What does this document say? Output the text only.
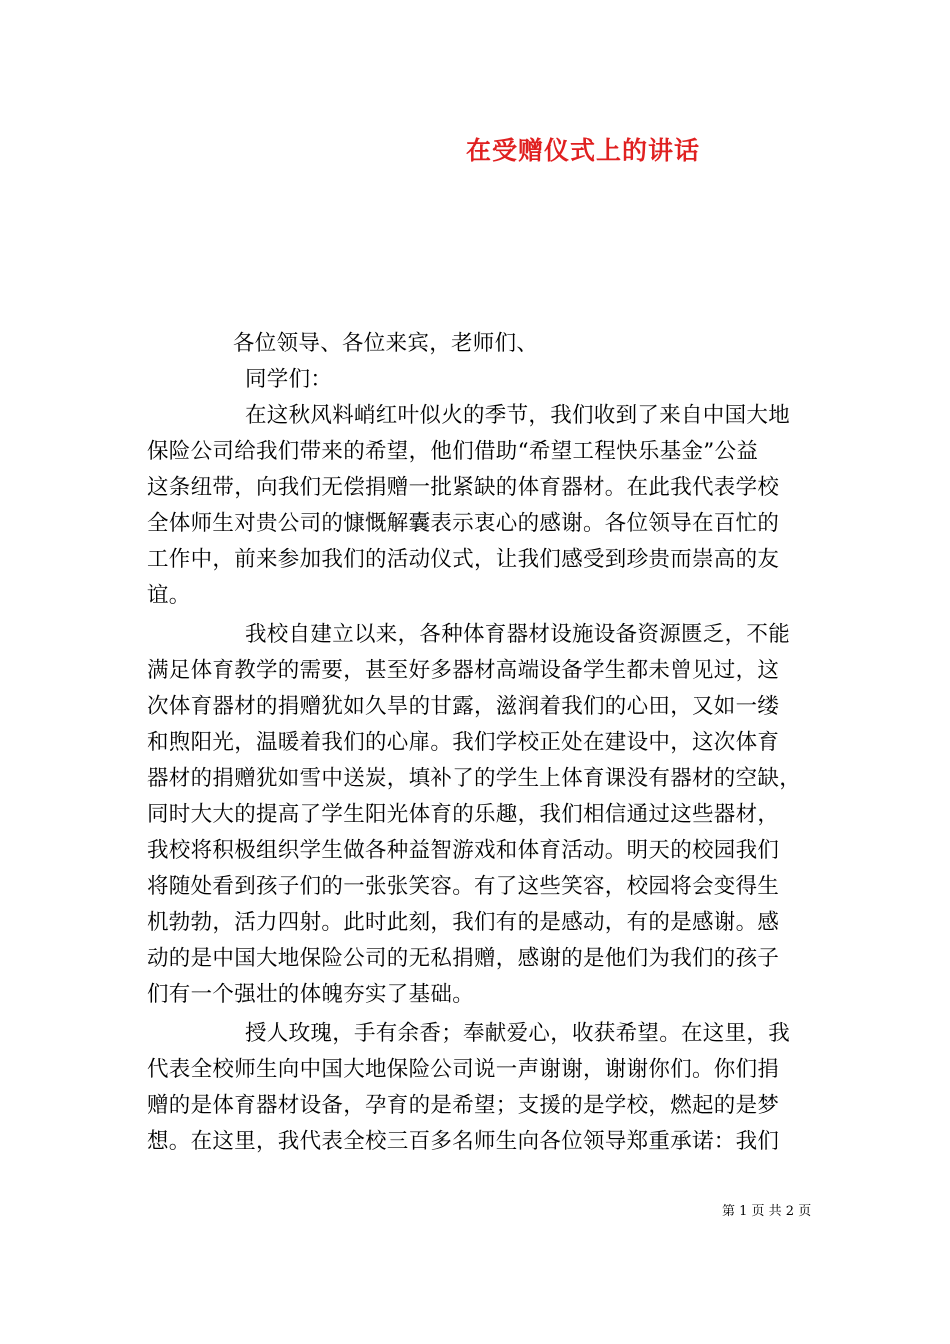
在受赠仪式上的讲话
各位领导、各位来宾，老师们、
同学们：
在这秋风料峭红叶似火的季节，我们收到了来自中国大地
保险公司给我们带来的希望，他们借助“希望工程快乐基金”公益
这条纽带，向我们无偿捐赠一批紧缺的体育器材。在此我代表学校
全体师生对贵公司的慷慨解囊表示衷心的感谢。各位领导在百忙的
工作中，前来参加我们的活动仪式，让我们感受到珍贵而崇高的友
谊。
我校自建立以来，各种体育器材设施设备资源匮乏，不能
满足体育教学的需要，甚至好多器材高端设备学生都未曾见过，这
次体育器材的捐赠犹如久旱的甘露，滋润着我们的心田，又如一缕
和煦阳光，温暖着我们的心扉。我们学校正处在建设中，这次体育
器材的捐赠犹如雪中送炭，填补了的学生上体育课没有器材的空缺，
同时大大的提高了学生阳光体育的乐趣，我们相信通过这些器材，
我校将积极组织学生做各种益智游戏和体育活动。明天的校园我们
将随处看到孩子们的一张张笑容。有了这些笑容，校园将会变得生
机勃勃，活力四射。此时此刻，我们有的是感动，有的是感谢。感
动的是中国大地保险公司的无私捐赠，感谢的是他们为我们的孩子
们有一个强壮的体魄夯实了基础。
授人玫瑰，手有余香；奉献爱心，收获希望。在这里，我
代表全校师生向中国大地保险公司说一声谢谢，谢谢你们。你们捐
赠的是体育器材设备，孕育的是希望；支援的是学校，燃起的是梦
想。在这里，我代表全校三百多名师生向各位领导郑重承诺：我们
第 1 页 共 2 页
